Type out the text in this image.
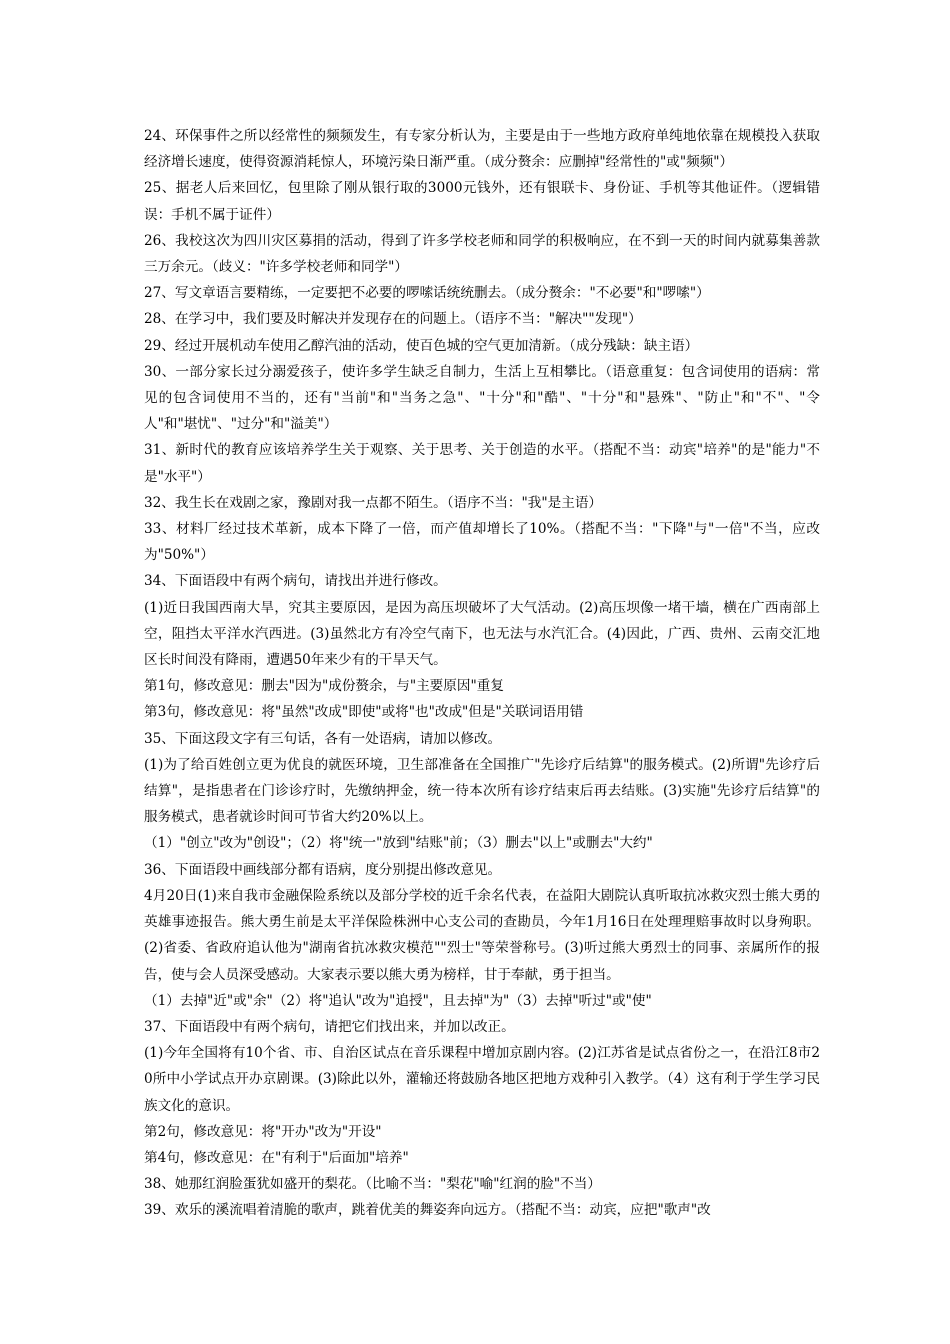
24、环保事件之所以经常性的频频发生，有专家分析认为，主要是由于一些地方政府单纯地依靠在规模投入获取经济增长速度，使得资源消耗惊人，环境污染日渐严重。（成分赘余：应删掉"经常性的"或"频频"）

25、据老人后来回忆，包里除了刚从银行取的3000元钱外，还有银联卡、身份证、手机等其他证件。（逻辑错误：手机不属于证件）

26、我校这次为四川灾区募捐的活动，得到了许多学校老师和同学的积极响应，在不到一天的时间内就募集善款三万余元。（歧义："许多学校老师和同学"）

27、写文章语言要精练，一定要把不必要的啰嗦话统统删去。（成分赘余："不必要"和"啰嗦"）

28、在学习中，我们要及时解决并发现存在的问题上。（语序不当："解决""发现"）

29、经过开展机动车使用乙醇汽油的活动，使百色城的空气更加清新。（成分残缺：缺主语）

30、一部分家长过分溺爱孩子，使许多学生缺乏自制力，生活上互相攀比。（语意重复：包含词使用的语病：常见的包含词使用不当的，还有"当前"和"当务之急"、"十分"和"酷"、"十分"和"悬殊"、"防止"和"不"、"令人"和"堪忧"、"过分"和"溢美"）

31、新时代的教育应该培养学生关于观察、关于思考、关于创造的水平。（搭配不当：动宾"培养"的是"能力"不是"水平"）

32、我生长在戏剧之家，豫剧对我一点都不陌生。（语序不当："我"是主语）

33、材料厂经过技术革新，成本下降了一倍，而产值却增长了10%。（搭配不当："下降"与"一倍"不当，应改为"50%"）

34、下面语段中有两个病句，请找出并进行修改。

(1)近日我国西南大旱，究其主要原因，是因为高压坝破坏了大气活动。(2)高压坝像一堵干墙，横在广西南部上空，阻挡太平洋水汽西进。(3)虽然北方有冷空气南下，也无法与水汽汇合。(4)因此，广西、贵州、云南交汇地区长时间没有降雨，遭遇50年来少有的干旱天气。

第1句，修改意见：删去"因为"成份赘余，与"主要原因"重复

第3句，修改意见：将"虽然"改成"即使"或将"也"改成"但是"关联词语用错

35、下面这段文字有三句话，各有一处语病，请加以修改。

(1)为了给百姓创立更为优良的就医环境，卫生部准备在全国推广"先诊疗后结算"的服务模式。(2)所谓"先诊疗后结算"，是指患者在门诊诊疗时，先缴纳押金，统一待本次所有诊疗结束后再去结账。(3)实施"先诊疗后结算"的服务模式，患者就诊时间可节省大约20%以上。

（1）"创立"改为"创设"；（2）将"统一"放到"结账"前；（3）删去"以上"或删去"大约"

36、下面语段中画线部分都有语病，度分别提出修改意见。

4月20日(1)来自我市金融保险系统以及部分学校的近千余名代表，在益阳大剧院认真听取抗冰救灾烈士熊大勇的英雄事迹报告。熊大勇生前是太平洋保险株洲中心支公司的查勘员，今年1月16日在处理理赔事故时以身殉职。(2)省委、省政府追认他为"湖南省抗冰救灾模范""烈士"等荣誉称号。(3)听过熊大勇烈士的同事、亲属所作的报告，使与会人员深受感动。大家表示要以熊大勇为榜样，甘于奉献，勇于担当。

（1）去掉"近"或"余"（2）将"追认"改为"追授"，且去掉"为"（3）去掉"听过"或"使"

37、下面语段中有两个病句，请把它们找出来，并加以改正。

(1)今年全国将有10个省、市、自治区试点在音乐课程中增加京剧内容。(2)江苏省是试点省份之一，在沿江8市20所中小学试点开办京剧课。(3)除此以外，灌输还将鼓励各地区把地方戏种引入教学。（4）这有利于学生学习民族文化的意识。

第2句，修改意见：将"开办"改为"开设"

第4句，修改意见：在"有利于"后面加"培养"

38、她那红润脸蛋犹如盛开的梨花。（比喻不当："梨花"喻"红润的脸"不当）

39、欢乐的溪流唱着清脆的歌声，跳着优美的舞姿奔向远方。（搭配不当：动宾，应把"歌声"改
